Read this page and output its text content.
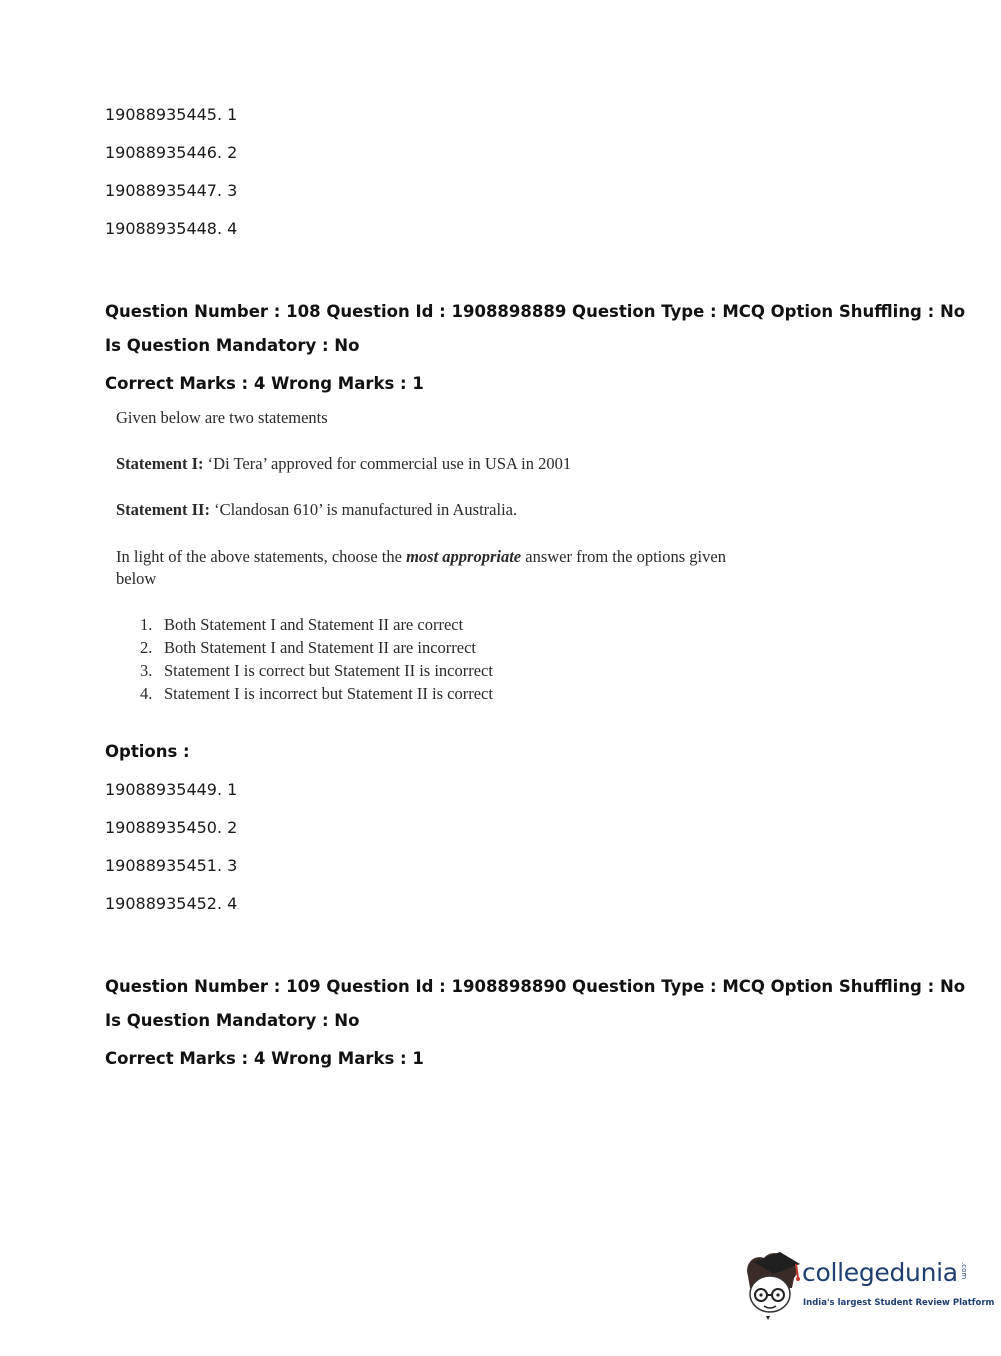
19088935445. 1
19088935446. 2
19088935447. 3
19088935448. 4
Question Number : 108 Question Id : 1908898889 Question Type : MCQ Option Shuffling : No
Is Question Mandatory : No
Correct Marks : 4 Wrong Marks : 1
Given below are two statements
Statement I: ‘Di Tera’ approved for commercial use in USA in 2001
Statement II: ‘Clandosan 610’ is manufactured in Australia.
In light of the above statements, choose the most appropriate answer from the options given below
1. Both Statement I and Statement II are correct
2. Both Statement I and Statement II are incorrect
3. Statement I is correct but Statement II is incorrect
4. Statement I is incorrect but Statement II is correct
Options :
19088935449. 1
19088935450. 2
19088935451. 3
19088935452. 4
Question Number : 109 Question Id : 1908898890 Question Type : MCQ Option Shuffling : No
Is Question Mandatory : No
Correct Marks : 4 Wrong Marks : 1
collegedunia .com
India's largest Student Review Platform
